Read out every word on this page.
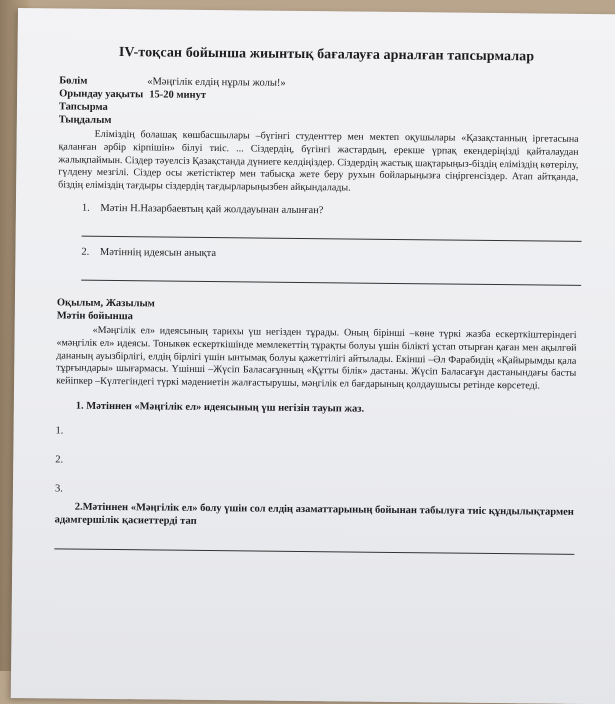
IV-тоқсан бойынша жиынтық бағалауға арналған тапсырмалар
Бөлім	«Мәңгілік елдің нұрлы жолы!»
Орындау уақыты 15-20 минут
Тапсырма
Тыңдалым

Еліміздің болашақ көшбасшылары –бүгінгі студенттер мен мектеп оқушылары «Қазақстанның іргетасына қаланған әрбір кірпішін» білуі тиіс. ... Сіздердің, бүгінгі жастардың, ерекше үрпақ екендеріңізді қайталаудан жалықпаймын. Сіздер тәуелсіз Қазақстанда дүниеге келдіңіздер. Сіздердің жастық шақтарыңыз-біздің еліміздің көтерілу, гүлдену мезгілі. Сіздер осы жетістіктер мен табысқа жете беру рухын бойларыңызға сіңіргенсіздер. Атап айтқанда, біздің еліміздің тағдыры сіздердің тағдырларыңызбен айқындалады.

1. Мәтін Н.Назарбаевтың қай жолдауынан алынған?
2. Мәтіннің идеясын анықта
Оқылым, Жазылым
Мәтін бойынша

«Мәңгілік ел» идеясының тарихы үш негізден тұрады. Оның біріншi –көне түркі жазба ескерткіштеріндегі «мәңгілік ел» идеясы. Тоныкөк ескерткішінде мемлекеттің тұрақты болуы үшін білікті ұстап отырған қаған мен ақылгөй дананың ауызбірлігі, елдің бірлігі үшін ынтымақ болуы қажеттілігі айтылады. Екінші –Әл Фарабидің «Қайырымды қала тұрғындары» шығармасы. Үшінші –Жүсіп Баласағұнның «Құтты білік» дастаны. Жүсіп Баласағұн дастанындағы басты кейіпкер –Күлтегіндегі түркі мәдениетін жалғастырушы, мәңгілік ел бағдарының қолдаушысы ретінде көрсетеді.

1. Мәтіннен «Мәңгілік ел» идеясының үш негізін тауып жаз.
1.
2.
3.
2.Мәтіннен «Мәңгілік ел» болу үшін сол елдің азаматтарының бойынан табылуға тиіс құндылықтармен адамгершілік қасиеттерді тап
